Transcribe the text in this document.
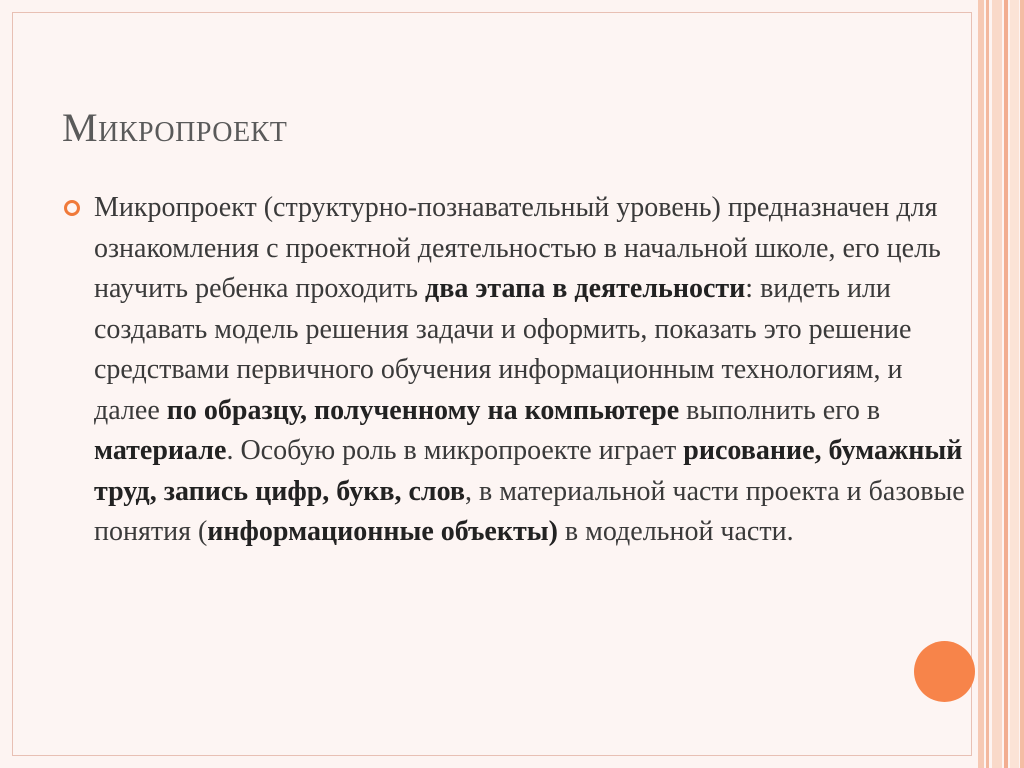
Микропроект
Микропроект (структурно-познавательный уровень) предназначен для ознакомления с проектной деятельностью в начальной школе, его цель научить ребенка проходить два этапа в деятельности: видеть или создавать модель решения задачи и оформить, показать это решение средствами первичного обучения информационным технологиям, и далее по образцу, полученному на компьютере выполнить его в материале. Особую роль в микропроекте играет рисование, бумажный труд, запись цифр, букв, слов, в материальной части проекта и базовые понятия (информационные объекты) в модельной части.
